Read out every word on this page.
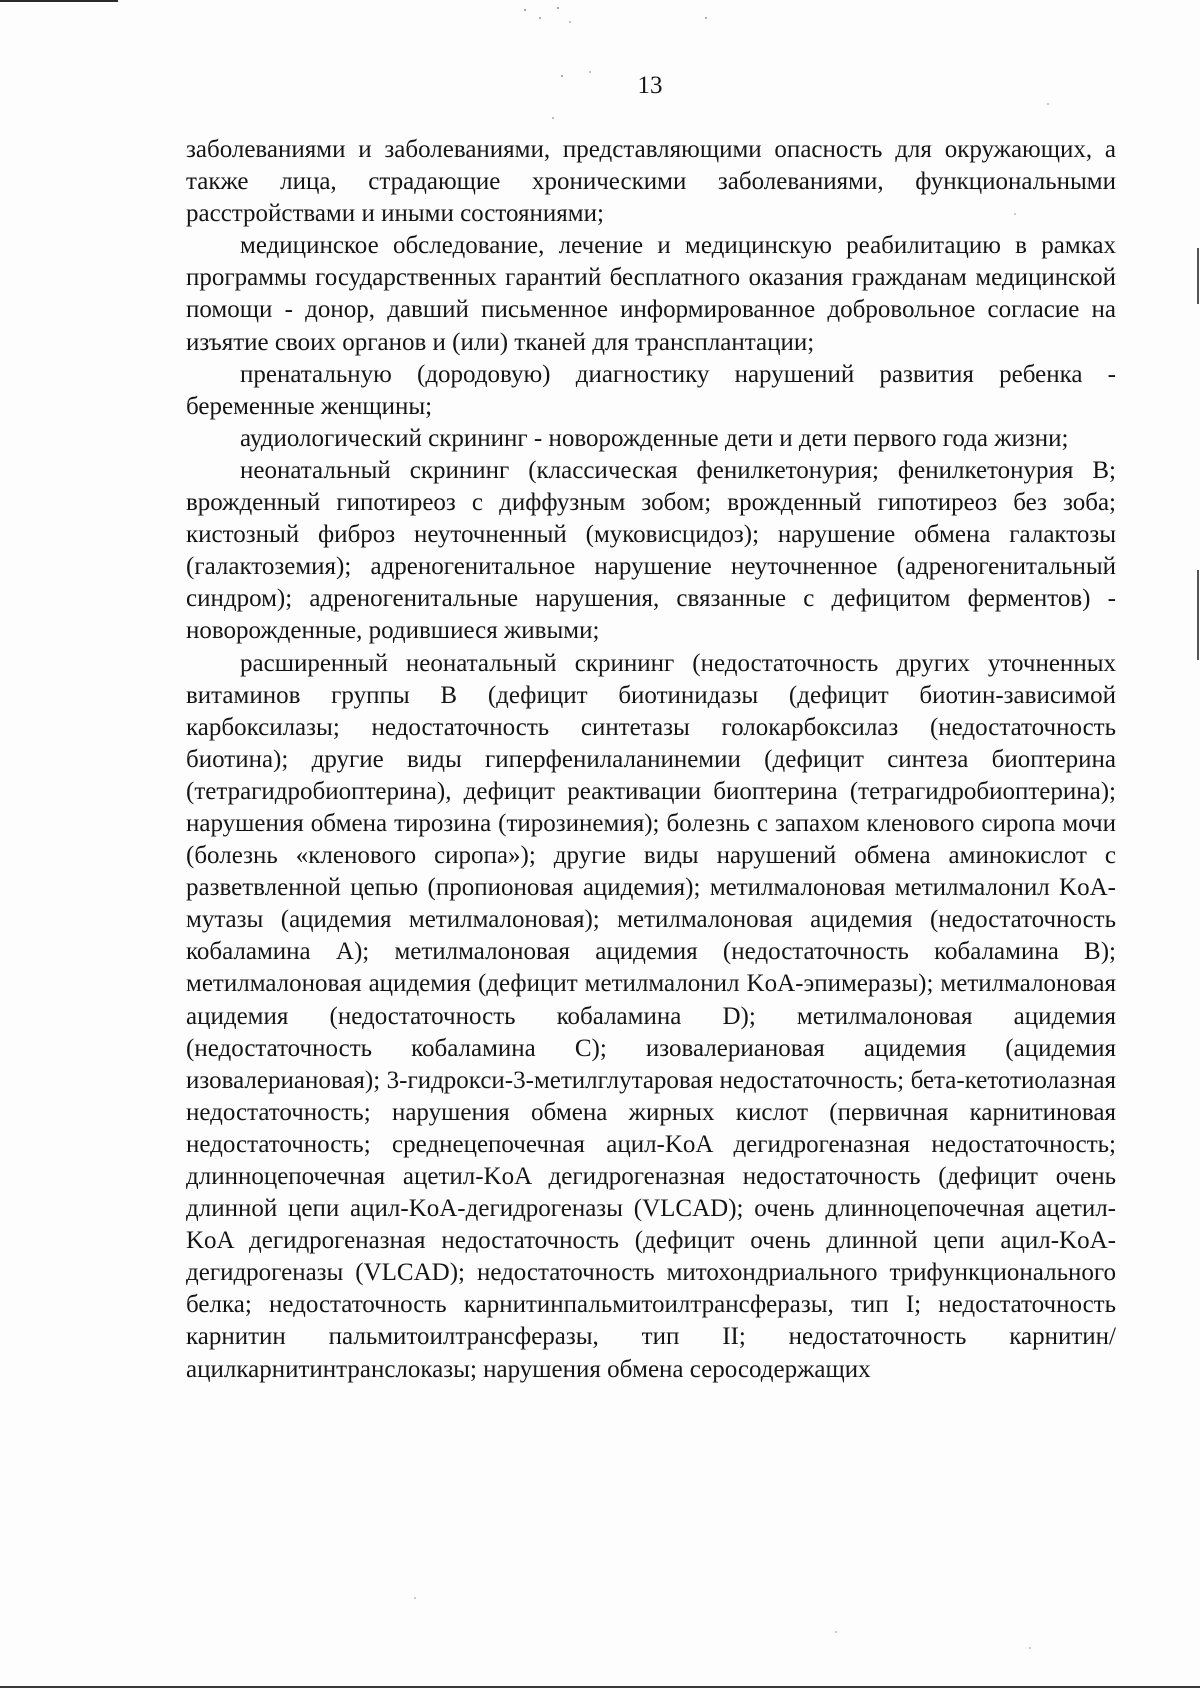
13

заболеваниями и заболеваниями, представляющими опасность для окружающих, а также лица, страдающие хроническими заболеваниями, функциональными расстройствами и иными состояниями;

медицинское обследование, лечение и медицинскую реабилитацию в рамках программы государственных гарантий бесплатного оказания гражданам медицинской помощи - донор, давший письменное информированное добровольное согласие на изъятие своих органов и (или) тканей для трансплантации;

пренатальную (дородовую) диагностику нарушений развития ребенка - беременные женщины;

аудиологический скрининг - новорожденные дети и дети первого года жизни;

неонатальный скрининг (классическая фенилкетонурия; фенилкетонурия B; врожденный гипотиреоз с диффузным зобом; врожденный гипотиреоз без зоба; кистозный фиброз неуточненный (муковисцидоз); нарушение обмена галактозы (галактоземия); адреногенитальное нарушение неуточненное (адреногенитальный синдром); адреногенитальные нарушения, связанные с дефицитом ферментов) - новорожденные, родившиеся живыми;

расширенный неонатальный скрининг (недостаточность других уточненных витаминов группы B (дефицит биотинидазы (дефицит биотин-зависимой карбоксилазы; недостаточность синтетазы голокарбоксилаз (недостаточность биотина); другие виды гиперфенилаланинемии (дефицит синтеза биоптерина (тетрагидробиоптерина), дефицит реактивации биоптерина (тетрагидробиоптерина); нарушения обмена тирозина (тирозинемия); болезнь с запахом кленового сиропа мочи (болезнь «кленового сиропа»); другие виды нарушений обмена аминокислот с разветвленной цепью (пропионовая ацидемия); метилмалоновая метилмалонил KoA-мутазы (ацидемия метилмалоновая); метилмалоновая ацидемия (недостаточность кобаламина A); метилмалоновая ацидемия (недостаточность кобаламина B); метилмалоновая ацидемия (дефицит метилмалонил KoA-эпимеразы); метилмалоновая ацидемия (недостаточность кобаламина D); метилмалоновая ацидемия (недостаточность кобаламина C); изовалериановая ацидемия (ацидемия изовалериановая); 3-гидрокси-3-метилглутаровая недостаточность; бета-кетотиолазная недостаточность; нарушения обмена жирных кислот (первичная карнитиновая недостаточность; среднецепочечная ацил-KoA дегидрогеназная недостаточность; длинноцепочечная ацетил-KoA дегидрогеназная недостаточность (дефицит очень длинной цепи ацил-KoA-дегидрогеназы (VLCAD); очень длинноцепочечная ацетил-KoA дегидрогеназная недостаточность (дефицит очень длинной цепи ацил-KoA-дегидрогеназы (VLCAD); недостаточность митохондриального трифункционального белка; недостаточность карнитинпальмитоилтрансферазы, тип I; недостаточность карнитин пальмитоилтрансферазы, тип II; недостаточность карнитин/ацилкарнитинтранслоказы; нарушения обмена серосодержащих
